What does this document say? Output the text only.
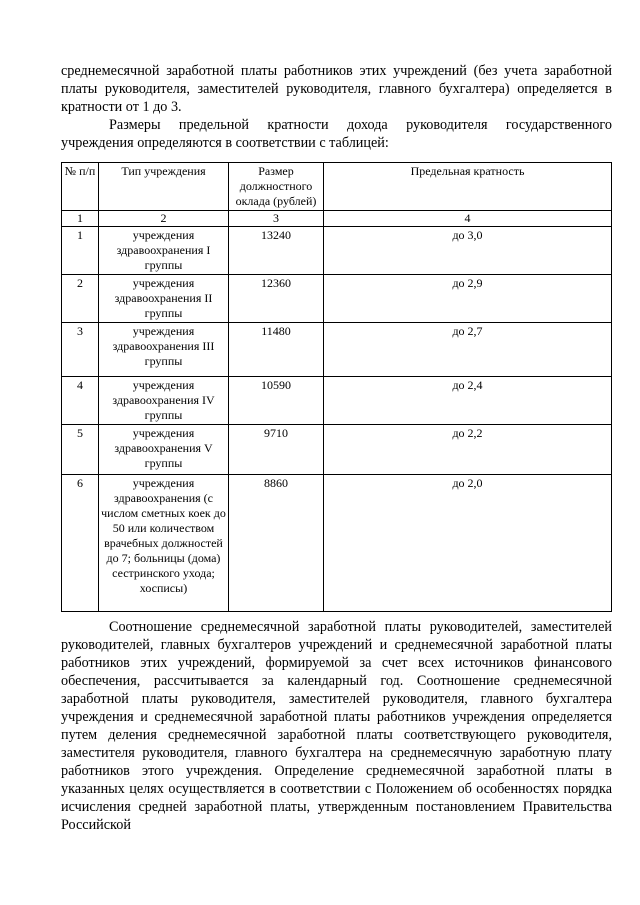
среднемесячной заработной платы работников этих учреждений (без учета заработной платы руководителя, заместителей руководителя, главного бухгалтера) определяется в кратности от 1 до 3.

Размеры предельной кратности дохода руководителя государственного учреждения определяются в соответствии с таблицей:

№ п/п	Тип учреждения	Размер должностного оклада (рублей)	Предельная кратность
1	2	3	4
1	учреждения здравоохранения I группы	13240	до 3,0
2	учреждения здравоохранения II группы	12360	до 2,9
3	учреждения здравоохранения III группы	11480	до 2,7
4	учреждения здравоохранения IV группы	10590	до 2,4
5	учреждения здравоохранения V группы	9710	до 2,2
6	учреждения здравоохранения (с числом сметных коек до 50 или количеством врачебных должностей до 7; больницы (дома) сестринского ухода; хосписы)	8860	до 2,0

Соотношение среднемесячной заработной платы руководителей, заместителей руководителей, главных бухгалтеров учреждений и среднемесячной заработной платы работников этих учреждений, формируемой за счет всех источников финансового обеспечения, рассчитывается за календарный год. Соотношение среднемесячной заработной платы руководителя, заместителей руководителя, главного бухгалтера учреждения и среднемесячной заработной платы работников учреждения определяется путем деления среднемесячной заработной платы соответствующего руководителя, заместителя руководителя, главного бухгалтера на среднемесячную заработную плату работников этого учреждения. Определение среднемесячной заработной платы в указанных целях осуществляется в соответствии с Положением об особенностях порядка исчисления средней заработной платы, утвержденным постановлением Правительства Российской
